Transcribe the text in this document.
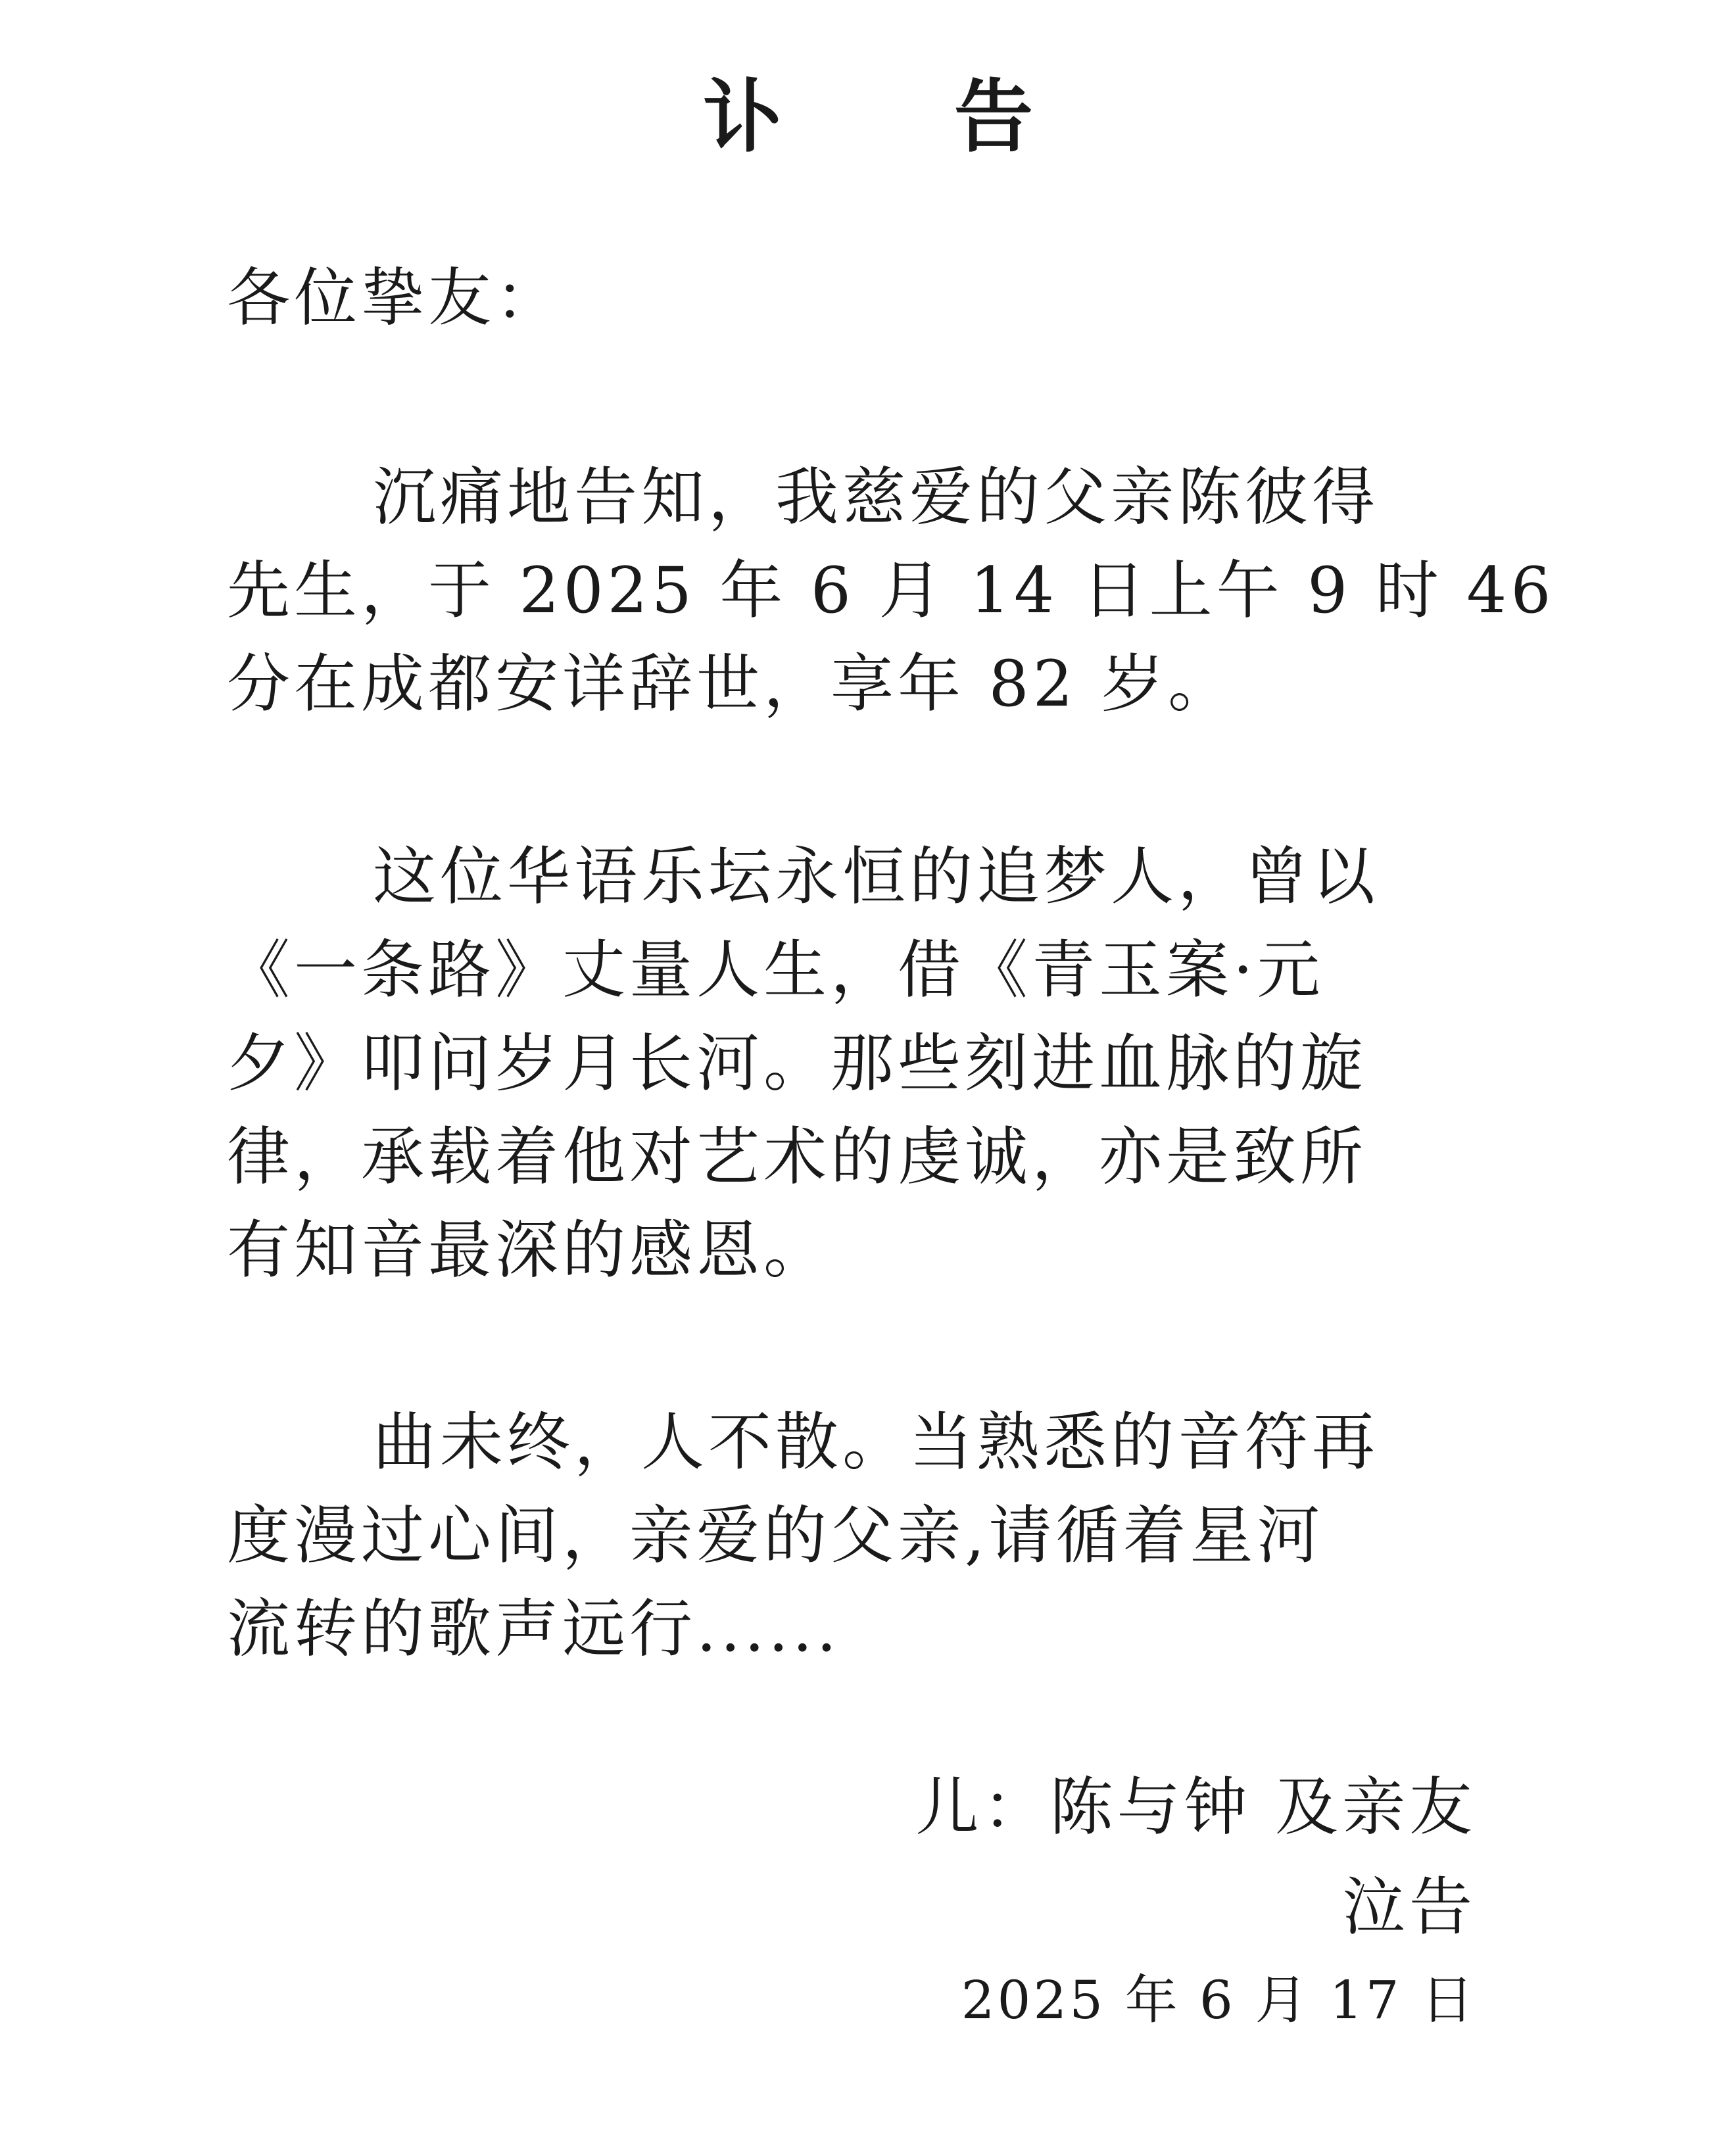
讣 告
各位挚友：
沉痛地告知，我慈爱的父亲陈彼得
先生，于 2025 年 6 月 14 日上午 9 时 46
分在成都安详辞世，享年 82 岁。
这位华语乐坛永恒的追梦人，曾以
《一条路》丈量人生，借《青玉案·元
夕》叩问岁月长河。那些刻进血脉的旋
律，承载着他对艺术的虔诚，亦是致所
有知音最深的感恩。
曲未终，人不散。当熟悉的音符再
度漫过心间，亲爱的父亲,请循着星河
流转的歌声远行......
儿：陈与钟 及亲友
泣告
2025 年 6 月 17 日
